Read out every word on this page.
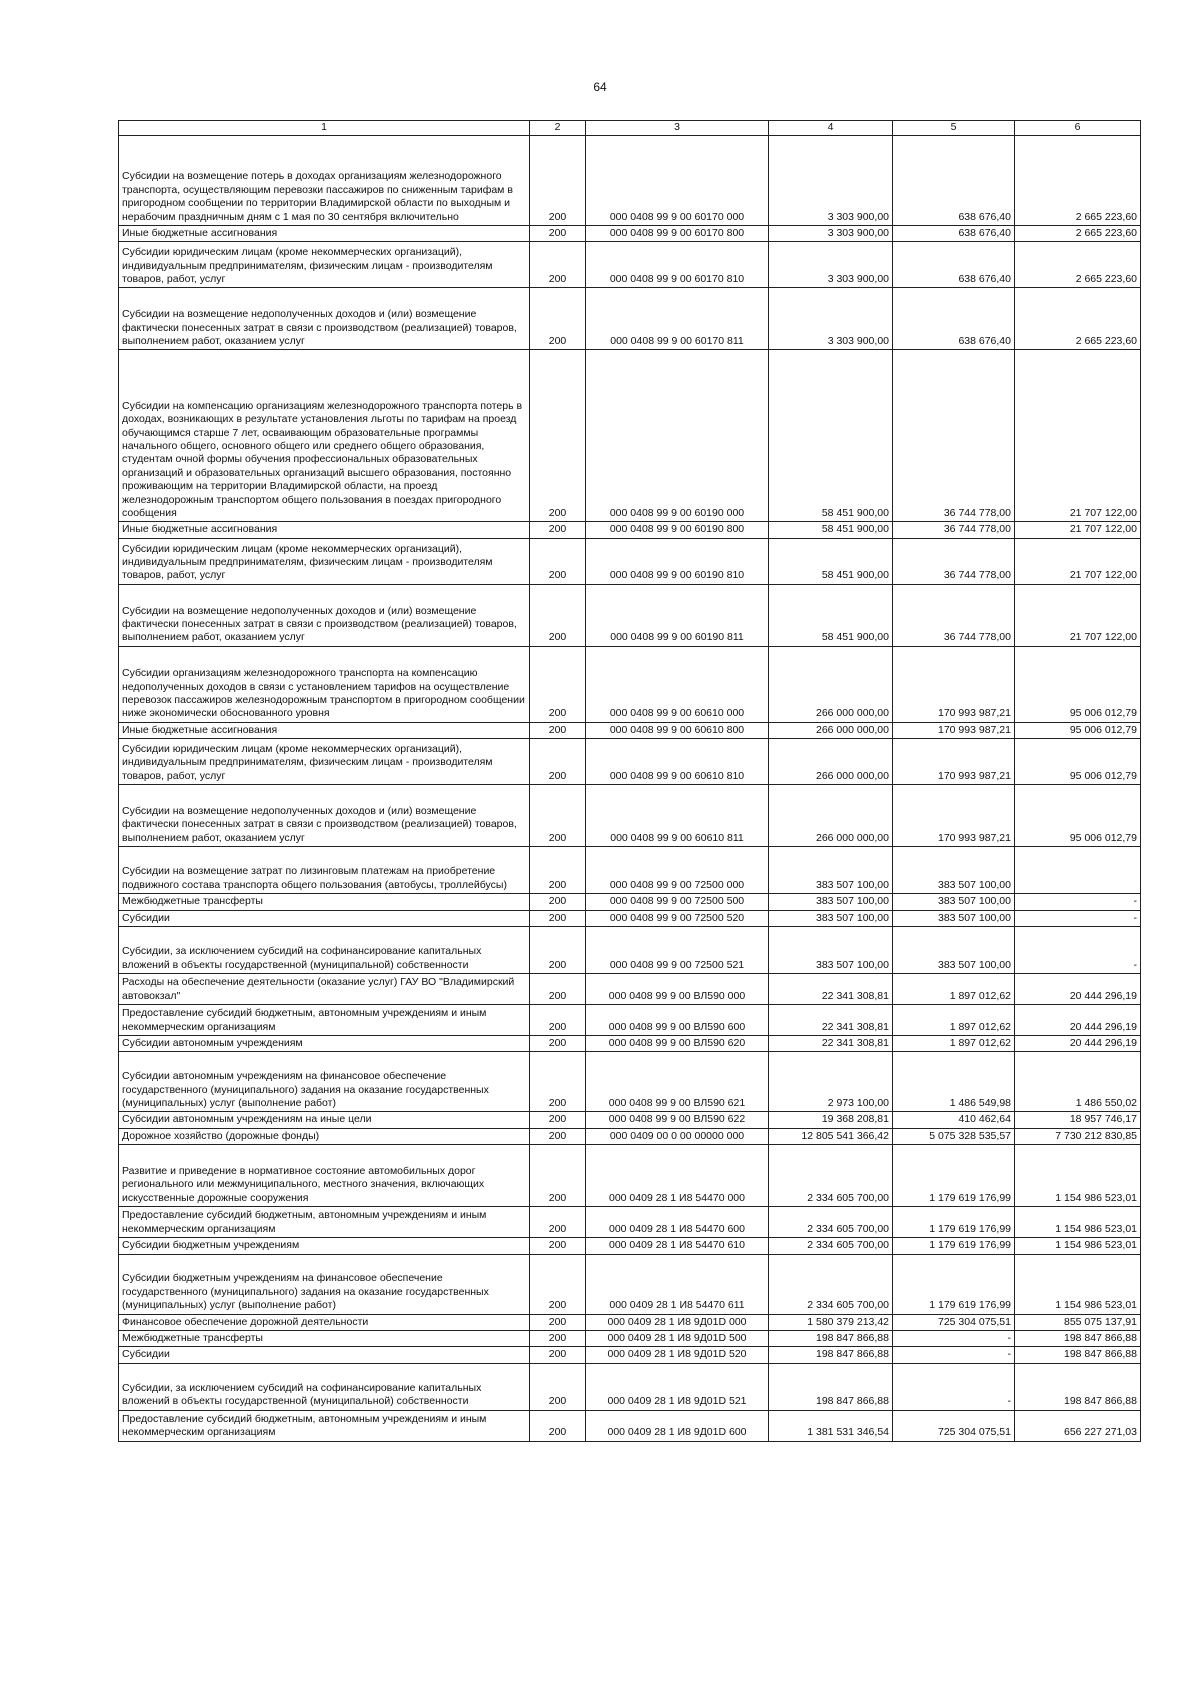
64
1	2	3	4	5	6
Субсидии на возмещение потерь в доходах организациям железнодорожного транспорта, осуществляющим перевозки пассажиров по сниженным тарифам в пригородном сообщении по территории Владимирской области по выходным и нерабочим праздничным дням с 1 мая по 30 сентября включительно	200	000 0408 99 9 00 60170 000	3 303 900,00	638 676,40	2 665 223,60
Иные бюджетные ассигнования	200	000 0408 99 9 00 60170 800	3 303 900,00	638 676,40	2 665 223,60
Субсидии юридическим лицам (кроме некоммерческих организаций), индивидуальным предпринимателям, физическим лицам - производителям товаров, работ, услуг	200	000 0408 99 9 00 60170 810	3 303 900,00	638 676,40	2 665 223,60
Субсидии на возмещение недополученных доходов и (или) возмещение фактически понесенных затрат в связи с производством (реализацией) товаров, выполнением работ, оказанием услуг	200	000 0408 99 9 00 60170 811	3 303 900,00	638 676,40	2 665 223,60
Субсидии на компенсацию организациям железнодорожного транспорта потерь в доходах, возникающих в результате установления льготы по тарифам на проезд обучающимся старше 7 лет, осваивающим образовательные программы начального общего, основного общего или среднего общего образования, студентам очной формы обучения профессиональных образовательных организаций и образовательных организаций высшего образования, постоянно проживающим на территории Владимирской области, на проезд железнодорожным транспортом общего пользования в поездах пригородного сообщения	200	000 0408 99 9 00 60190 000	58 451 900,00	36 744 778,00	21 707 122,00
Иные бюджетные ассигнования	200	000 0408 99 9 00 60190 800	58 451 900,00	36 744 778,00	21 707 122,00
Субсидии юридическим лицам (кроме некоммерческих организаций), индивидуальным предпринимателям, физическим лицам - производителям товаров, работ, услуг	200	000 0408 99 9 00 60190 810	58 451 900,00	36 744 778,00	21 707 122,00
Субсидии на возмещение недополученных доходов и (или) возмещение фактически понесенных затрат в связи с производством (реализацией) товаров, выполнением работ, оказанием услуг	200	000 0408 99 9 00 60190 811	58 451 900,00	36 744 778,00	21 707 122,00
Субсидии организациям железнодорожного транспорта на компенсацию недополученных доходов в связи с установлением тарифов на осуществление перевозок пассажиров железнодорожным транспортом в пригородном сообщении ниже экономически обоснованного уровня	200	000 0408 99 9 00 60610 000	266 000 000,00	170 993 987,21	95 006 012,79
Иные бюджетные ассигнования	200	000 0408 99 9 00 60610 800	266 000 000,00	170 993 987,21	95 006 012,79
Субсидии юридическим лицам (кроме некоммерческих организаций), индивидуальным предпринимателям, физическим лицам - производителям товаров, работ, услуг	200	000 0408 99 9 00 60610 810	266 000 000,00	170 993 987,21	95 006 012,79
Субсидии на возмещение недополученных доходов и (или) возмещение фактически понесенных затрат в связи с производством (реализацией) товаров, выполнением работ, оказанием услуг	200	000 0408 99 9 00 60610 811	266 000 000,00	170 993 987,21	95 006 012,79
Субсидии на возмещение затрат по лизинговым платежам на приобретение подвижного состава транспорта общего пользования (автобусы, троллейбусы)	200	000 0408 99 9 00 72500 000	383 507 100,00	383 507 100,00	
Межбюджетные трансферты	200	000 0408 99 9 00 72500 500	383 507 100,00	383 507 100,00	-
Субсидии	200	000 0408 99 9 00 72500 520	383 507 100,00	383 507 100,00	-
Субсидии, за исключением субсидий на софинансирование капитальных вложений в объекты государственной (муниципальной) собственности	200	000 0408 99 9 00 72500 521	383 507 100,00	383 507 100,00	-
Расходы на обеспечение деятельности (оказание услуг) ГАУ ВО "Владимирский автовокзал"	200	000 0408 99 9 00 ВЛ590 000	22 341 308,81	1 897 012,62	20 444 296,19
Предоставление субсидий бюджетным, автономным учреждениям и иным некоммерческим организациям	200	000 0408 99 9 00 ВЛ590 600	22 341 308,81	1 897 012,62	20 444 296,19
Субсидии автономным учреждениям	200	000 0408 99 9 00 ВЛ590 620	22 341 308,81	1 897 012,62	20 444 296,19
Субсидии автономным учреждениям на финансовое обеспечение государственного (муниципального) задания на оказание государственных (муниципальных) услуг (выполнение работ)	200	000 0408 99 9 00 ВЛ590 621	2 973 100,00	1 486 549,98	1 486 550,02
Субсидии автономным учреждениям на иные цели	200	000 0408 99 9 00 ВЛ590 622	19 368 208,81	410 462,64	18 957 746,17
Дорожное хозяйство (дорожные фонды)	200	000 0409 00 0 00 00000 000	12 805 541 366,42	5 075 328 535,57	7 730 212 830,85
Развитие и приведение в нормативное состояние автомобильных дорог регионального или межмуниципального, местного значения, включающих искусственные дорожные сооружения	200	000 0409 28 1 И8 54470 000	2 334 605 700,00	1 179 619 176,99	1 154 986 523,01
Предоставление субсидий бюджетным, автономным учреждениям и иным некоммерческим организациям	200	000 0409 28 1 И8 54470 600	2 334 605 700,00	1 179 619 176,99	1 154 986 523,01
Субсидии бюджетным учреждениям	200	000 0409 28 1 И8 54470 610	2 334 605 700,00	1 179 619 176,99	1 154 986 523,01
Субсидии бюджетным учреждениям на финансовое обеспечение государственного (муниципального) задания на оказание государственных (муниципальных) услуг (выполнение работ)	200	000 0409 28 1 И8 54470 611	2 334 605 700,00	1 179 619 176,99	1 154 986 523,01
Финансовое обеспечение дорожной деятельности	200	000 0409 28 1 И8 9Д01D 000	1 580 379 213,42	725 304 075,51	855 075 137,91
Межбюджетные трансферты	200	000 0409 28 1 И8 9Д01D 500	198 847 866,88	-	198 847 866,88
Субсидии	200	000 0409 28 1 И8 9Д01D 520	198 847 866,88	-	198 847 866,88
Субсидии, за исключением субсидий на софинансирование капитальных вложений в объекты государственной (муниципальной) собственности	200	000 0409 28 1 И8 9Д01D 521	198 847 866,88	-	198 847 866,88
Предоставление субсидий бюджетным, автономным учреждениям и иным некоммерческим организациям	200	000 0409 28 1 И8 9Д01D 600	1 381 531 346,54	725 304 075,51	656 227 271,03
